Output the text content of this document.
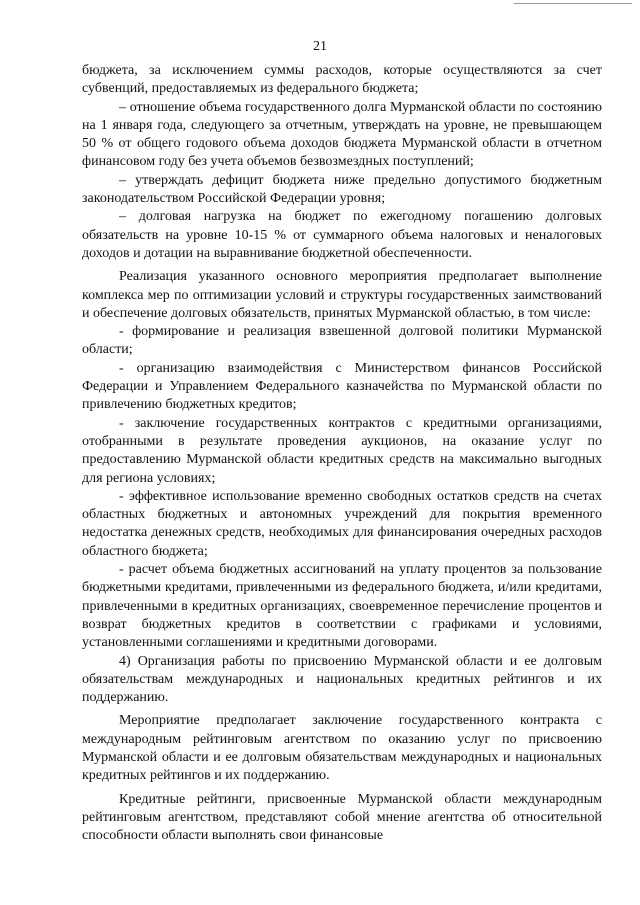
21

бюджета, за исключением суммы расходов, которые осуществляются за счет субвенций, предоставляемых из федерального бюджета;

– отношение объема государственного долга Мурманской области по состоянию на 1 января года, следующего за отчетным, утверждать на уровне, не превышающем 50 % от общего годового объема доходов бюджета Мурманской области в отчетном финансовом году без учета объемов безвозмездных поступлений;

– утверждать дефицит бюджета ниже предельно допустимого бюджетным законодательством Российской Федерации уровня;

– долговая нагрузка на бюджет по ежегодному погашению долговых обязательств на уровне 10-15 % от суммарного объема налоговых и неналоговых доходов и дотации на выравнивание бюджетной обеспеченности.

Реализация указанного основного мероприятия предполагает выполнение комплекса мер по оптимизации условий и структуры государственных заимствований и обеспечение долговых обязательств, принятых Мурманской областью, в том числе:

- формирование и реализация взвешенной долговой политики Мурманской области;

- организацию взаимодействия с Министерством финансов Российской Федерации и Управлением Федерального казначейства по Мурманской области по привлечению бюджетных кредитов;

- заключение государственных контрактов с кредитными организациями, отобранными в результате проведения аукционов, на оказание услуг по предоставлению Мурманской области кредитных средств на максимально выгодных для региона условиях;

- эффективное использование временно свободных остатков средств на счетах областных бюджетных и автономных учреждений для покрытия временного недостатка денежных средств, необходимых для финансирования очередных расходов областного бюджета;

- расчет объема бюджетных ассигнований на уплату процентов за пользование бюджетными кредитами, привлеченными из федерального бюджета, и/или кредитами, привлеченными в кредитных организациях, своевременное перечисление процентов и возврат бюджетных кредитов в соответствии с графиками и условиями, установленными соглашениями и кредитными договорами.

4) Организация работы по присвоению Мурманской области и ее долговым обязательствам международных и национальных кредитных рейтингов и их поддержанию.

Мероприятие предполагает заключение государственного контракта с международным рейтинговым агентством по оказанию услуг по присвоению Мурманской области и ее долговым обязательствам международных и национальных кредитных рейтингов и их поддержанию.

Кредитные рейтинги, присвоенные Мурманской области международным рейтинговым агентством, представляют собой мнение агентства об относительной способности области выполнять свои финансовые
